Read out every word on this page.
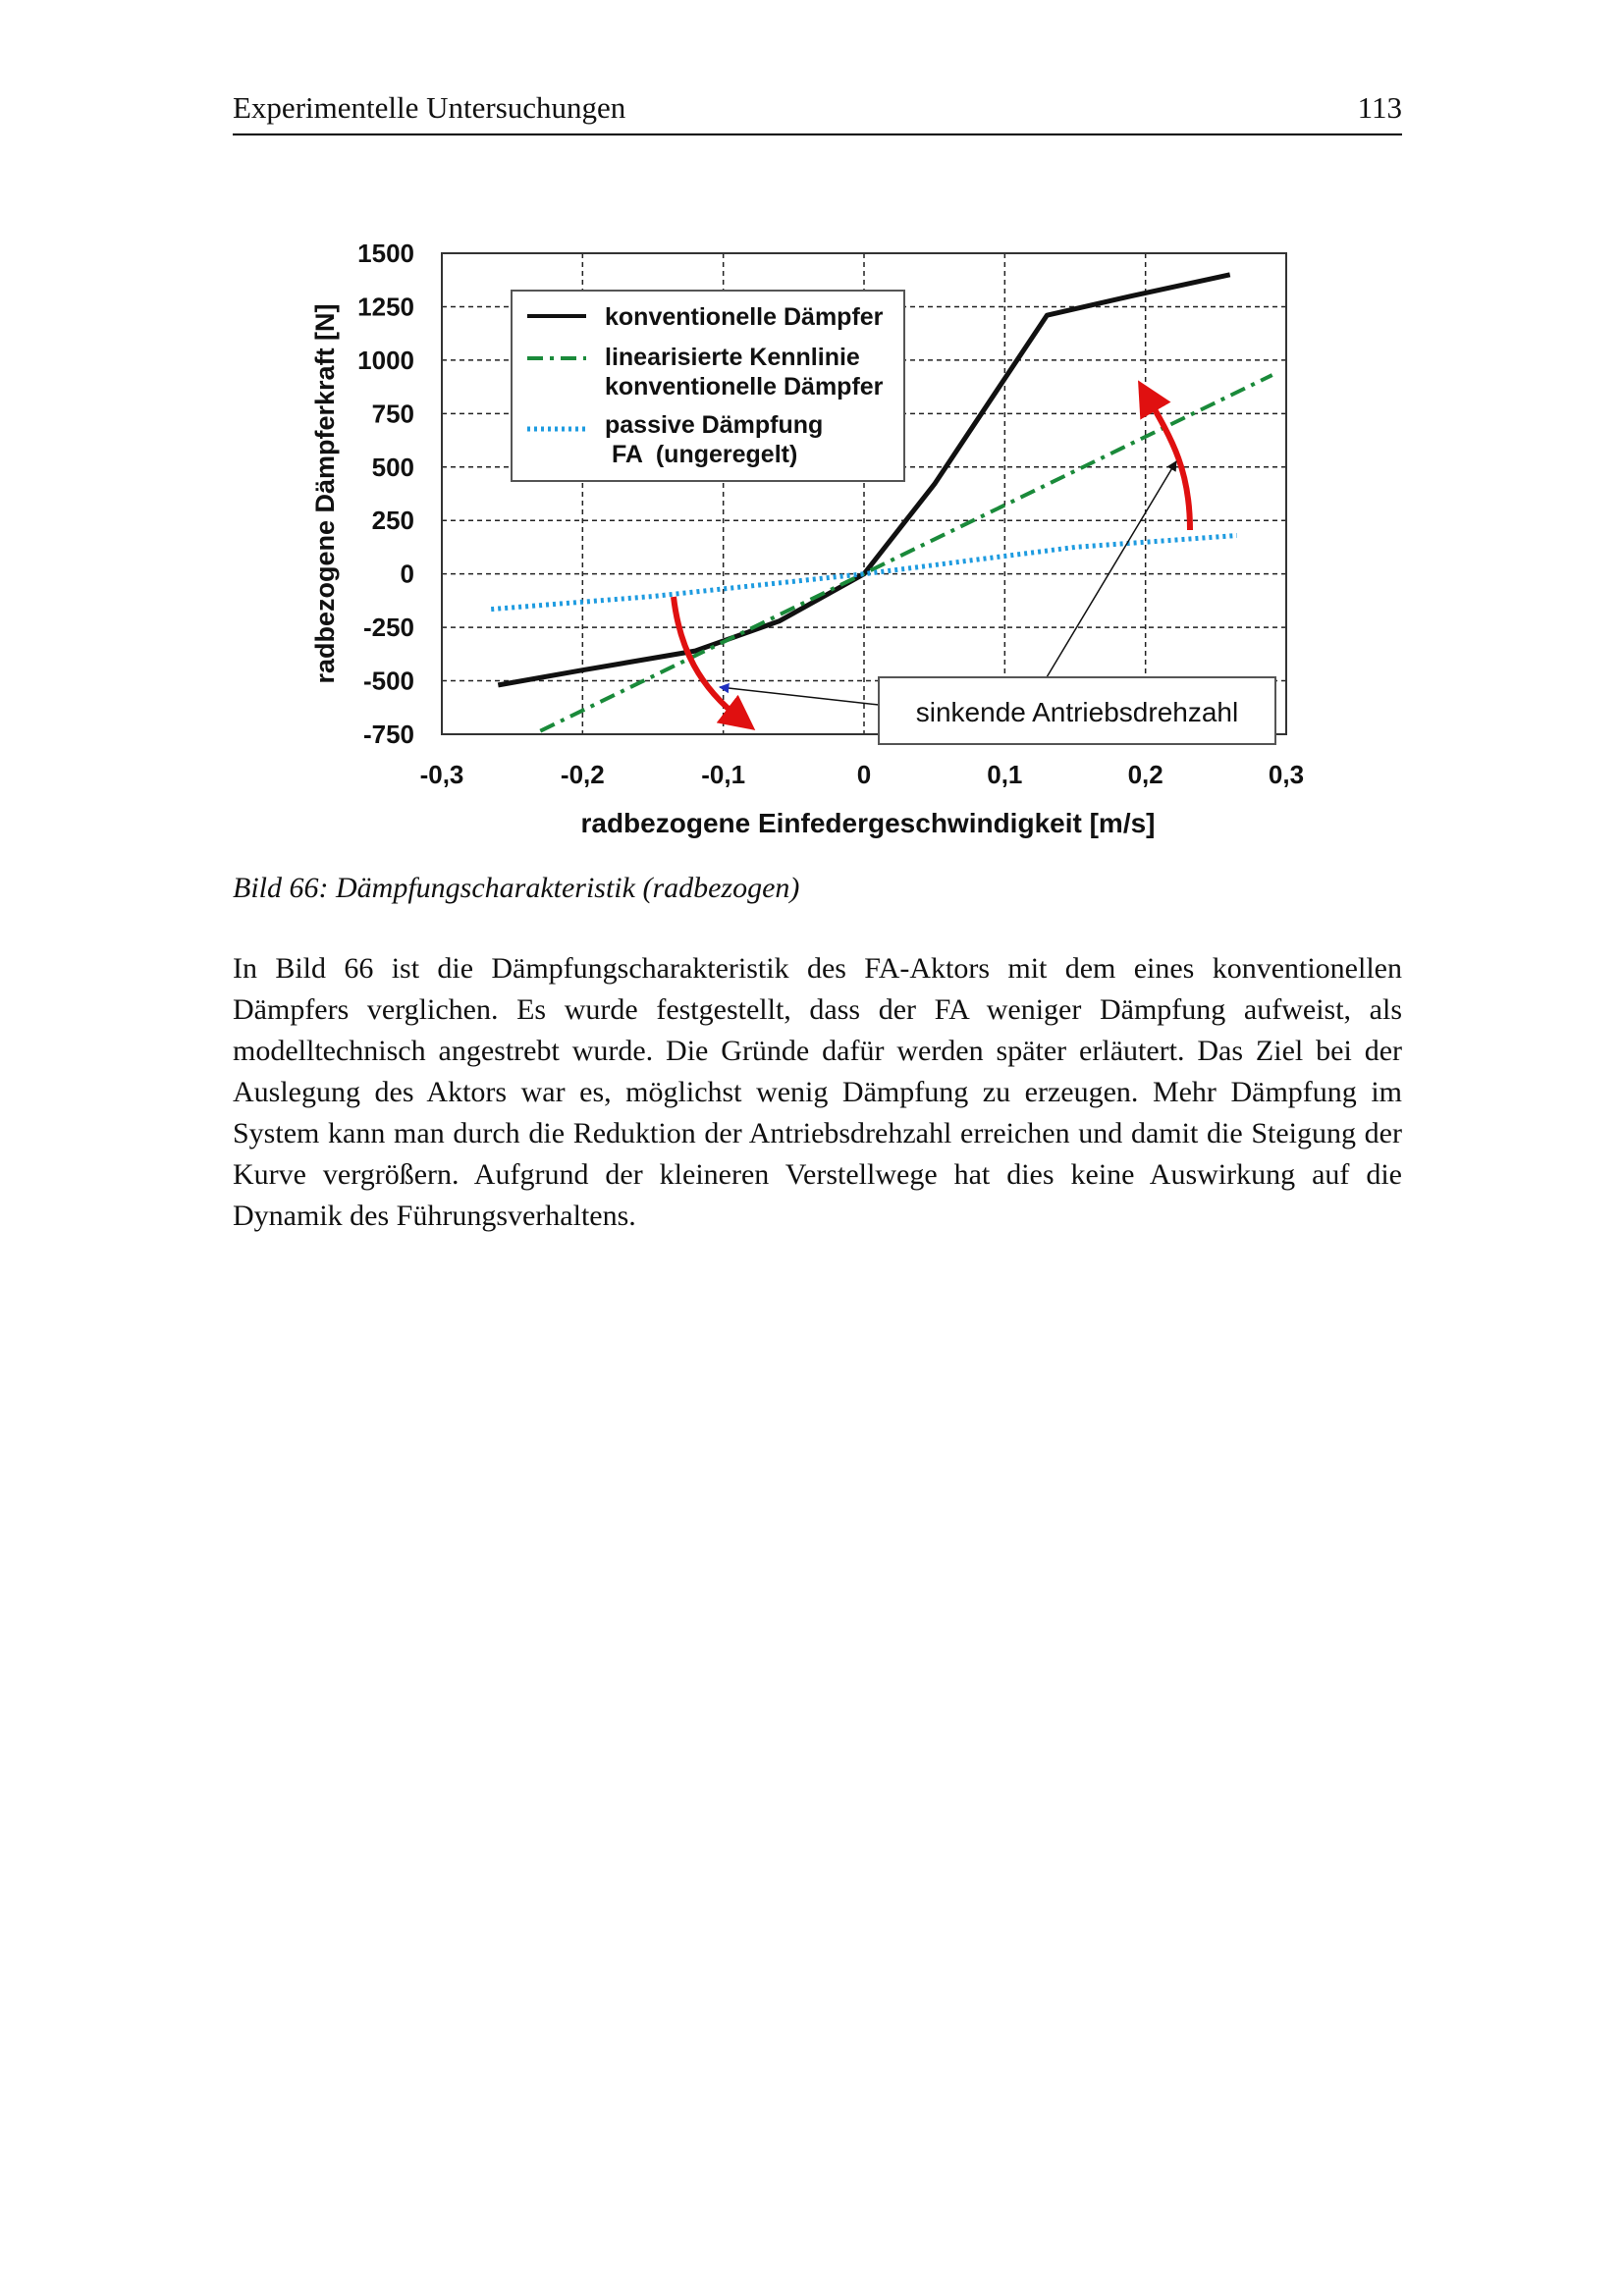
Experimentelle Untersuchungen	113
1500
1250
1000
750
500
250
0
-250
-500
-750
-0,3	-0,2	-0,1	0	0,1	0,2	0,3
radbezogene Dämpferkraft [N]
radbezogene Einfedergeschwindigkeit [m/s]
konventionelle Dämpfer
linearisierte Kennlinie konventionelle Dämpfer
passive Dämpfung  FA  (ungeregelt)
sinkende Antriebsdrehzahl
Bild 66: Dämpfungscharakteristik (radbezogen)

In Bild 66 ist die Dämpfungscharakteristik des FA-Aktors mit dem eines konventionellen Dämpfers verglichen. Es wurde festgestellt, dass der FA weniger Dämpfung aufweist, als modelltechnisch angestrebt wurde. Die Gründe dafür werden später erläutert. Das Ziel bei der Auslegung des Aktors war es, möglichst wenig Dämpfung zu erzeugen. Mehr Dämpfung im System kann man durch die Reduktion der Antriebsdrehzahl erreichen und damit die Steigung der Kurve vergrößern. Aufgrund der kleineren Verstellwege hat dies keine Auswirkung auf die Dynamik des Führungsverhaltens.
